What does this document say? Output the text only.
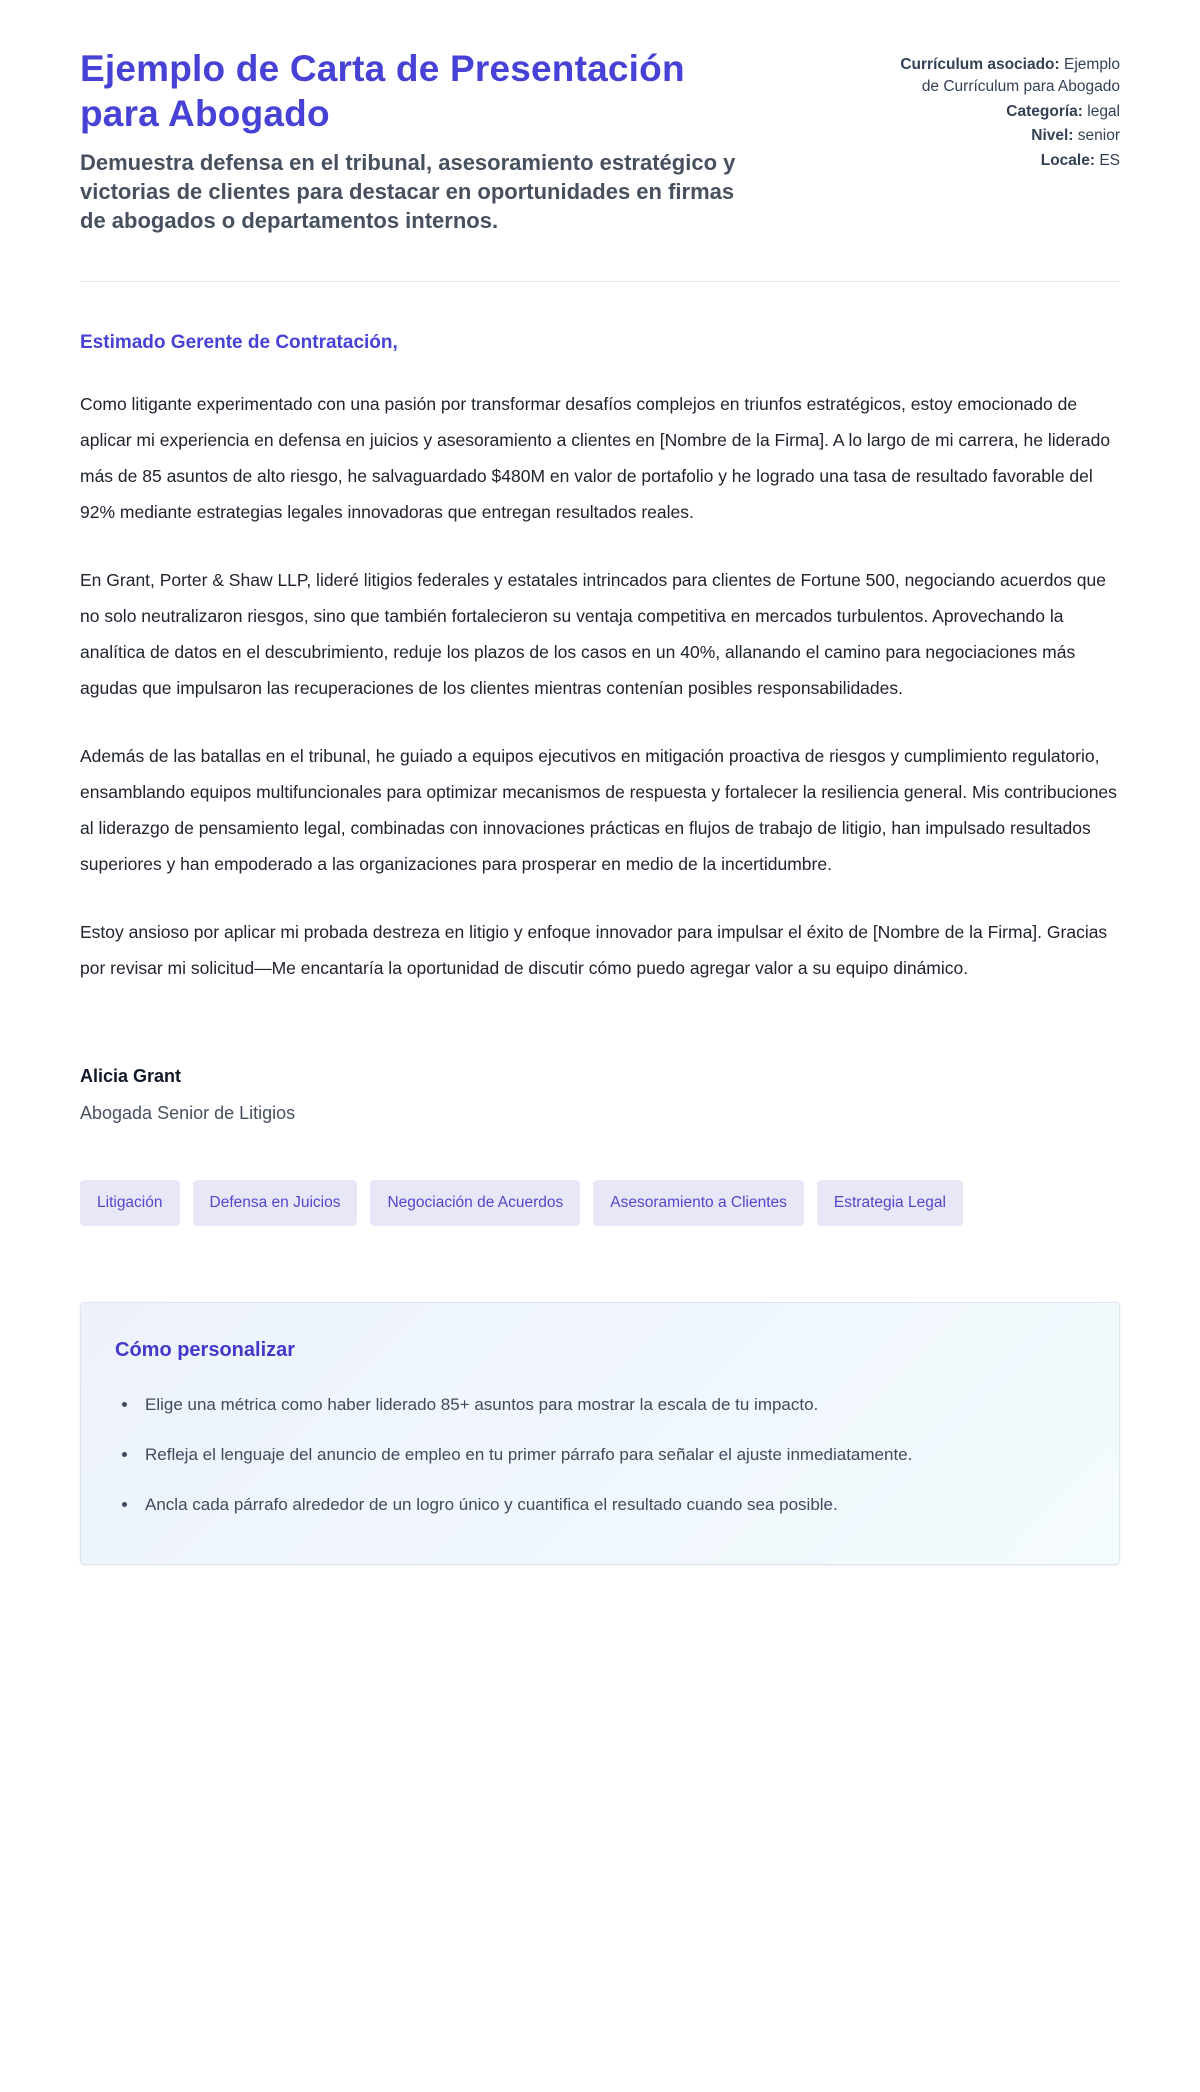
Ejemplo de Carta de Presentación para Abogado

Demuestra defensa en el tribunal, asesoramiento estratégico y victorias de clientes para destacar en oportunidades en firmas de abogados o departamentos internos.

Currículum asociado: Ejemplo de Currículum para Abogado
Categoría: legal
Nivel: senior
Locale: ES

Estimado Gerente de Contratación,

Como litigante experimentado con una pasión por transformar desafíos complejos en triunfos estratégicos, estoy emocionado de aplicar mi experiencia en defensa en juicios y asesoramiento a clientes en [Nombre de la Firma]. A lo largo de mi carrera, he liderado más de 85 asuntos de alto riesgo, he salvaguardado $480M en valor de portafolio y he logrado una tasa de resultado favorable del 92% mediante estrategias legales innovadoras que entregan resultados reales.

En Grant, Porter & Shaw LLP, lideré litigios federales y estatales intrincados para clientes de Fortune 500, negociando acuerdos que no solo neutralizaron riesgos, sino que también fortalecieron su ventaja competitiva en mercados turbulentos. Aprovechando la analítica de datos en el descubrimiento, reduje los plazos de los casos en un 40%, allanando el camino para negociaciones más agudas que impulsaron las recuperaciones de los clientes mientras contenían posibles responsabilidades.

Además de las batallas en el tribunal, he guiado a equipos ejecutivos en mitigación proactiva de riesgos y cumplimiento regulatorio, ensamblando equipos multifuncionales para optimizar mecanismos de respuesta y fortalecer la resiliencia general. Mis contribuciones al liderazgo de pensamiento legal, combinadas con innovaciones prácticas en flujos de trabajo de litigio, han impulsado resultados superiores y han empoderado a las organizaciones para prosperar en medio de la incertidumbre.

Estoy ansioso por aplicar mi probada destreza en litigio y enfoque innovador para impulsar el éxito de [Nombre de la Firma]. Gracias por revisar mi solicitud—Me encantaría la oportunidad de discutir cómo puedo agregar valor a su equipo dinámico.

Alicia Grant

Abogada Senior de Litigios

Litigación	Defensa en Juicios	Negociación de Acuerdos	Asesoramiento a Clientes	Estrategia Legal
Cómo personalizar
• Elige una métrica como haber liderado 85+ asuntos para mostrar la escala de tu impacto.
• Refleja el lenguaje del anuncio de empleo en tu primer párrafo para señalar el ajuste inmediatamente.
• Ancla cada párrafo alrededor de un logro único y cuantifica el resultado cuando sea posible.
